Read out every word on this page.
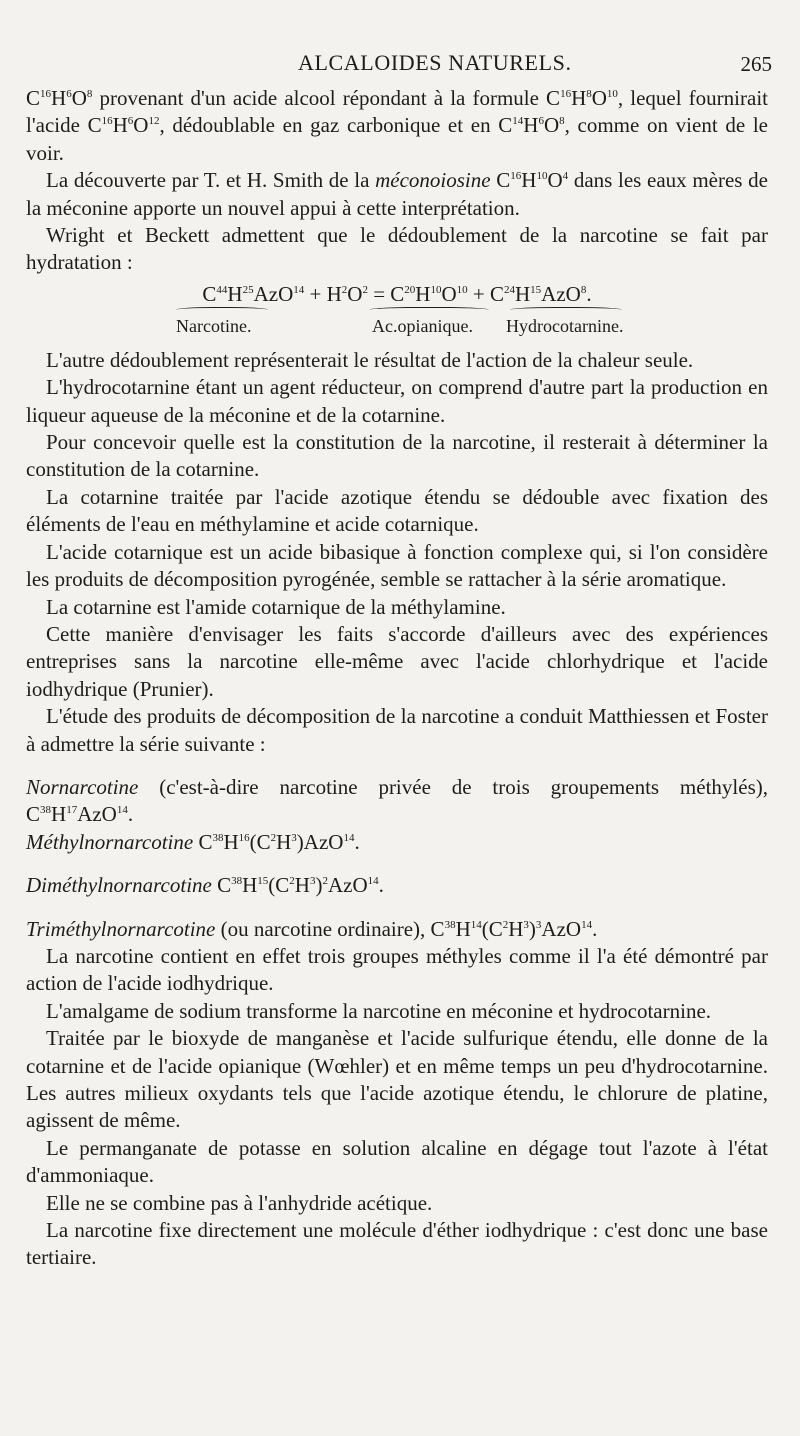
ALCALOIDES NATURELS.	265

$C^{16}H^6O^8$ provenant d'un acide alcool répondant à la formule $C^{16}H^8O^{10}$, lequel fournirait l'acide $C^{16}H^6O^{12}$, dédoublable en gaz carbonique et en $C^{14}H^6O^8$, comme on vient de le voir.

La découverte par T. et H. Smith de la méconoiosine $C^{16}H^{10}O^4$ dans les eaux mères de la méconine apporte un nouvel appui à cette interprétation.

Wright et Beckett admettent que le dédoublement de la narcotine se fait par hydratation :

$C^{44}H^{25}AzO^{14} + H^2O^2 = C^{20}H^{10}O^{10} + C^{24}H^{15}AzO^8$.
Narcotine.	Ac.opianique. Hydrocotarnine.

L'autre dédoublement représenterait le résultat de l'action de la chaleur seule.

L'hydrocotarnine étant un agent réducteur, on comprend d'autre part la production en liqueur aqueuse de la méconine et de la cotarnine.

Pour concevoir quelle est la constitution de la narcotine, il resterait à déterminer la constitution de la cotarnine.

La cotarnine traitée par l'acide azotique étendu se dédouble avec fixation des éléments de l'eau en méthylamine et acide cotarnique.

L'acide cotarnique est un acide bibasique à fonction complexe qui, si l'on considère les produits de décomposition pyrogénée, semble se rattacher à la série aromatique.

La cotarnine est l'amide cotarnique de la méthylamine.

Cette manière d'envisager les faits s'accorde d'ailleurs avec des expériences entreprises sans la narcotine elle-même avec l'acide chlorhydrique et l'acide iodhydrique (Prunier).

L'étude des produits de décomposition de la narcotine a conduit Matthiessen et Foster à admettre la série suivante :

Nornarcotine (c'est-à-dire narcotine privée de trois groupements méthylés), $C^{38}H^{17}AzO^{14}$.

Méthylnornarcotine $C^{38}H^{16}(C^2H^3)AzO^{14}$.

Diméthylnornarcotine $C^{38}H^{15}(C^2H^3)^2AzO^{14}$.

Triméthylnornarcotine (ou narcotine ordinaire), $C^{38}H^{14}(C^2H^3)^3AzO^{14}$.

La narcotine contient en effet trois groupes méthyles comme il l'a été démontré par action de l'acide iodhydrique.

L'amalgame de sodium transforme la narcotine en méconine et hydrocotarnine.

Traitée par le bioxyde de manganèse et l'acide sulfurique étendu, elle donne de la cotarnine et de l'acide opianique (Wœhler) et en même temps un peu d'hydrocotarnine. Les autres milieux oxydants tels que l'acide azotique étendu, le chlorure de platine, agissent de même.

Le permanganate de potasse en solution alcaline en dégage tout l'azote à l'état d'ammoniaque.

Elle ne se combine pas à l'anhydride acétique.

La narcotine fixe directement une molécule d'éther iodhydrique : c'est donc une base tertiaire.
